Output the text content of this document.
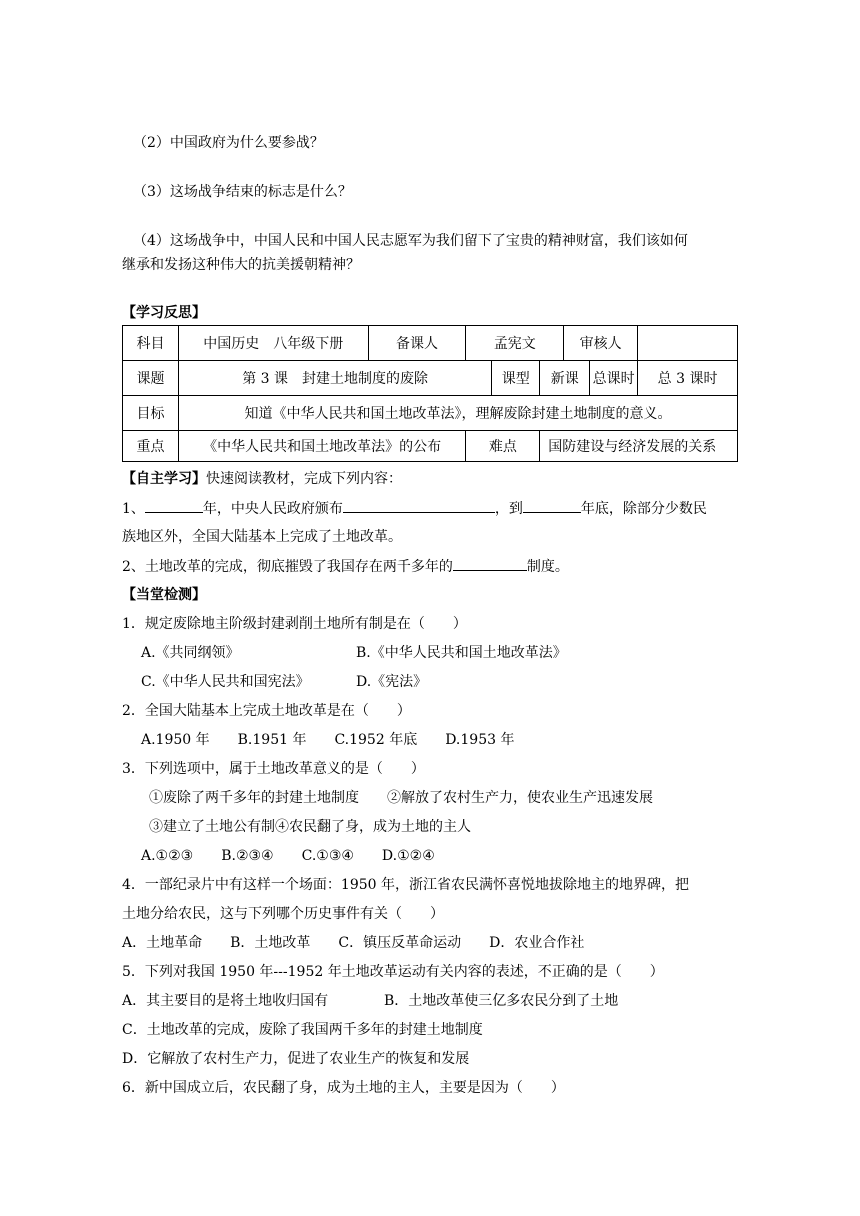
（2）中国政府为什么要参战？
（3）这场战争结束的标志是什么？
（4）这场战争中，中国人民和中国人民志愿军为我们留下了宝贵的精神财富，我们该如何
继承和发扬这种伟大的抗美援朝精神？
【学习反思】
科目	中国历史　八年级下册	备课人	孟宪文			审核人		
课题	第 3 课　封建土地制度的废除			课型	新课		总课时	总 3 课时
目标	知道《中华人民共和国土地改革法》，理解废除封建土地制度的意义。							
重点	《中华人民共和国土地改革法》的公布		难点		国防建设与经济发展的关系			
【自主学习】快速阅读教材，完成下列内容：
1、	年，中央人民政府颁布	，到	年底，除部分少数民
族地区外，全国大陆基本上完成了土地改革。
2、土地改革的完成，彻底摧毁了我国存在两千多年的	制度。
【当堂检测】
1．规定废除地主阶级封建剥削土地所有制是在（　　）
A.《共同纲领》	B.《中华人民共和国土地改革法》
C.《中华人民共和国宪法》	D.《宪法》
2．全国大陆基本上完成土地改革是在（　　）
A.1950 年　　B.1951 年　　C.1952 年底　　D.1953 年
3．下列选项中，属于土地改革意义的是（　　）
①废除了两千多年的封建土地制度　　②解放了农村生产力，使农业生产迅速发展
③建立了土地公有制④农民翻了身，成为土地的主人
A.①②③　　B.②③④　　C.①③④　　D.①②④
4．一部纪录片中有这样一个场面：1950 年，浙江省农民满怀喜悦地拔除地主的地界碑，把
土地分给农民，这与下列哪个历史事件有关（　　）
A．土地革命　　B．土地改革　　C．镇压反革命运动　　D．农业合作社
5．下列对我国 1950 年---1952 年土地改革运动有关内容的表述，不正确的是（　　）
A．其主要目的是将土地收归国有	B．土地改革使三亿多农民分到了土地
C．土地改革的完成，废除了我国两千多年的封建土地制度
D．它解放了农村生产力，促进了农业生产的恢复和发展
6．新中国成立后，农民翻了身，成为土地的主人，主要是因为（　　）
